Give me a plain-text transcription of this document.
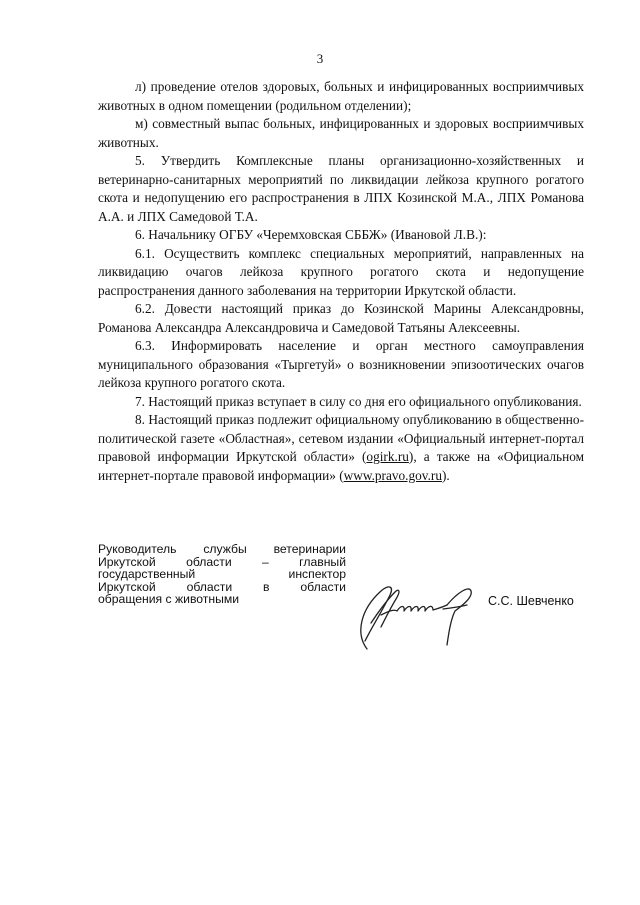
3

л) проведение отелов здоровых, больных и инфицированных восприимчивых животных в одном помещении (родильном отделении);

м) совместный выпас больных, инфицированных и здоровых восприимчивых животных.

5. Утвердить Комплексные планы организационно-хозяйственных и ветеринарно-санитарных мероприятий по ликвидации лейкоза крупного рогатого скота и недопущению его распространения в ЛПХ Козинской М.А., ЛПХ Романова А.А. и ЛПХ Самедовой Т.А.

6. Начальнику ОГБУ «Черемховская СББЖ» (Ивановой Л.В.):

6.1. Осуществить комплекс специальных мероприятий, направленных на ликвидацию очагов лейкоза крупного рогатого скота и недопущение распространения данного заболевания на территории Иркутской области.

6.2. Довести настоящий приказ до Козинской Марины Александровны, Романова Александра Александровича и Самедовой Татьяны Алексеевны.

6.3. Информировать население и орган местного самоуправления муниципального образования «Тыргетуй» о возникновении эпизоотических очагов лейкоза крупного рогатого скота.

7. Настоящий приказ вступает в силу со дня его официального опубликования.

8. Настоящий приказ подлежит официальному опубликованию в общественно-политической газете «Областная», сетевом издании «Официальный интернет-портал правовой информации Иркутской области» (ogirk.ru), а также на «Официальном интернет-портале правовой информации» (www.pravo.gov.ru).

Руководитель службы ветеринарии
Иркутской области – главный
государственный	инспектор
Иркутской	области	в	области
обращения с животными	С.С. Шевченко
